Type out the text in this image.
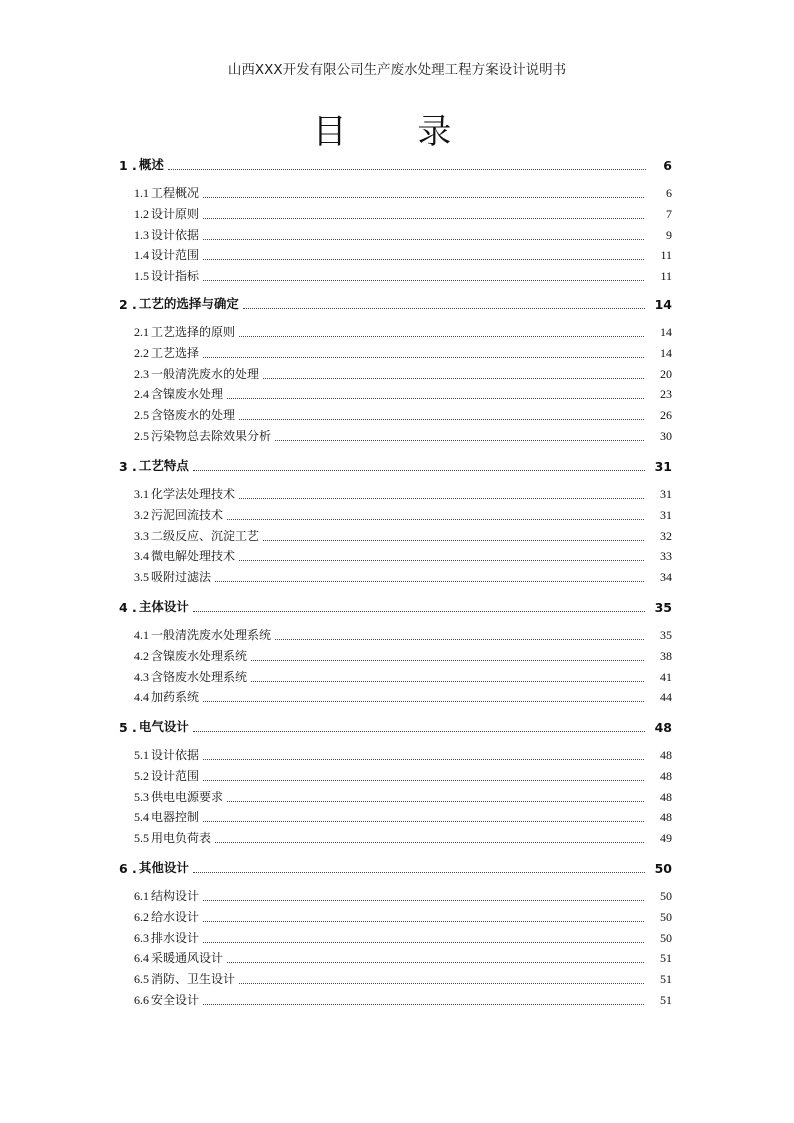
山西XXX开发有限公司生产废水处理工程方案设计说明书
目 录
1 . 概述	6
1.1 工程概况	6
1.2 设计原则	7
1.3 设计依据	9
1.4 设计范围	11
1.5 设计指标	11
2 . 工艺的选择与确定	14
2.1 工艺选择的原则	14
2.2 工艺选择	14
2.3 一般清洗废水的处理	20
2.4 含镍废水处理	23
2.5 含铬废水的处理	26
2.5 污染物总去除效果分析	30
3 . 工艺特点	31
3.1 化学法处理技术	31
3.2 污泥回流技术	31
3.3 二级反应、沉淀工艺	32
3.4 微电解处理技术	33
3.5 吸附过滤法	34
4 . 主体设计	35
4.1 一般清洗废水处理系统	35
4.2 含镍废水处理系统	38
4.3 含铬废水处理系统	41
4.4 加药系统	44
5 . 电气设计	48
5.1 设计依据	48
5.2 设计范围	48
5.3 供电电源要求	48
5.4 电器控制	48
5.5 用电负荷表	49
6 . 其他设计	50
6.1 结构设计	50
6.2 给水设计	50
6.3 排水设计	50
6.4 采暖通风设计	51
6.5 消防、卫生设计	51
6.6 安全设计	51
